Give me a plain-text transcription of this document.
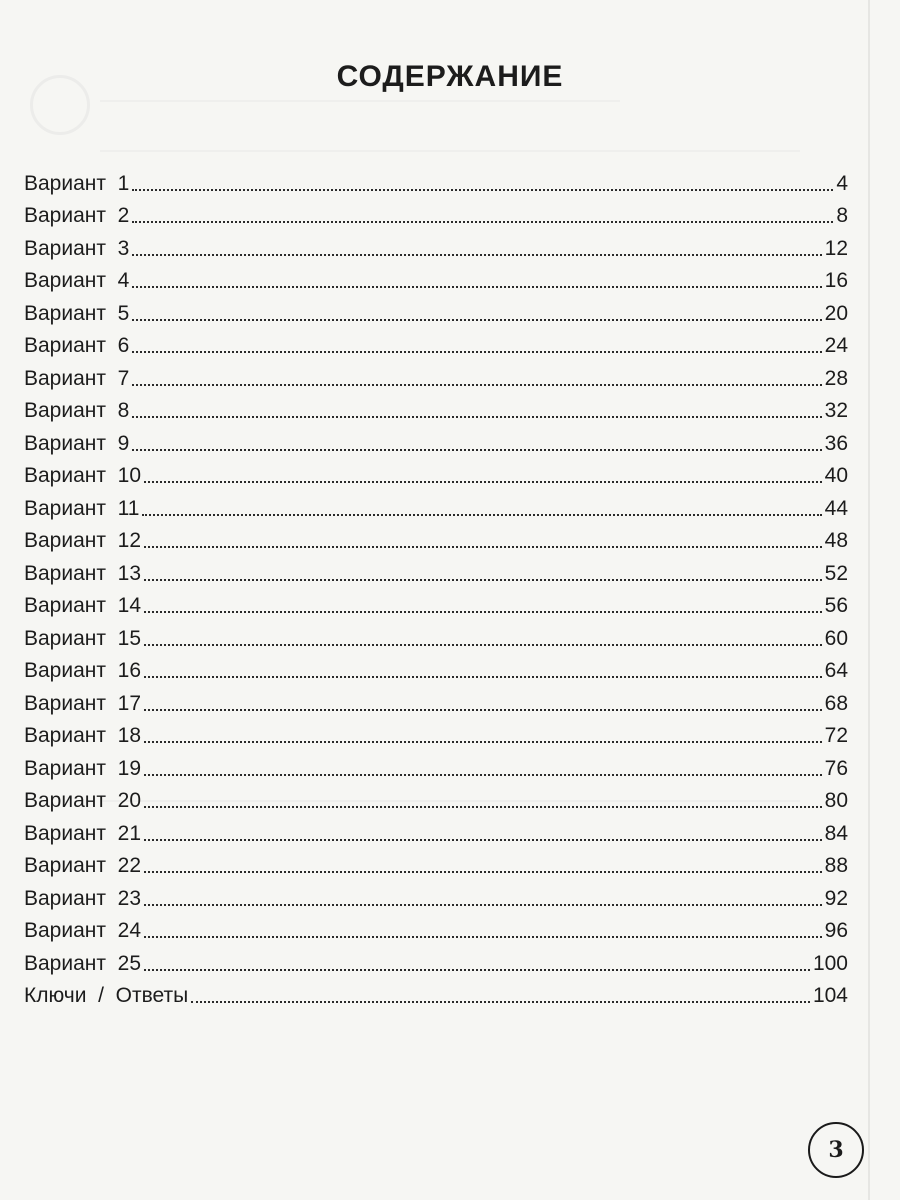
СОДЕРЖАНИЕ
Вариант  1	4
Вариант  2	8
Вариант  3	12
Вариант  4	16
Вариант  5	20
Вариант  6	24
Вариант  7	28
Вариант  8	32
Вариант  9	36
Вариант  10	40
Вариант  11	44
Вариант  12	48
Вариант  13	52
Вариант  14	56
Вариант  15	60
Вариант  16	64
Вариант  17	68
Вариант  18	72
Вариант  19	76
Вариант  20	80
Вариант  21	84
Вариант  22	88
Вариант  23	92
Вариант  24	96
Вариант  25	100
Ключи  /  Ответы	104
3
